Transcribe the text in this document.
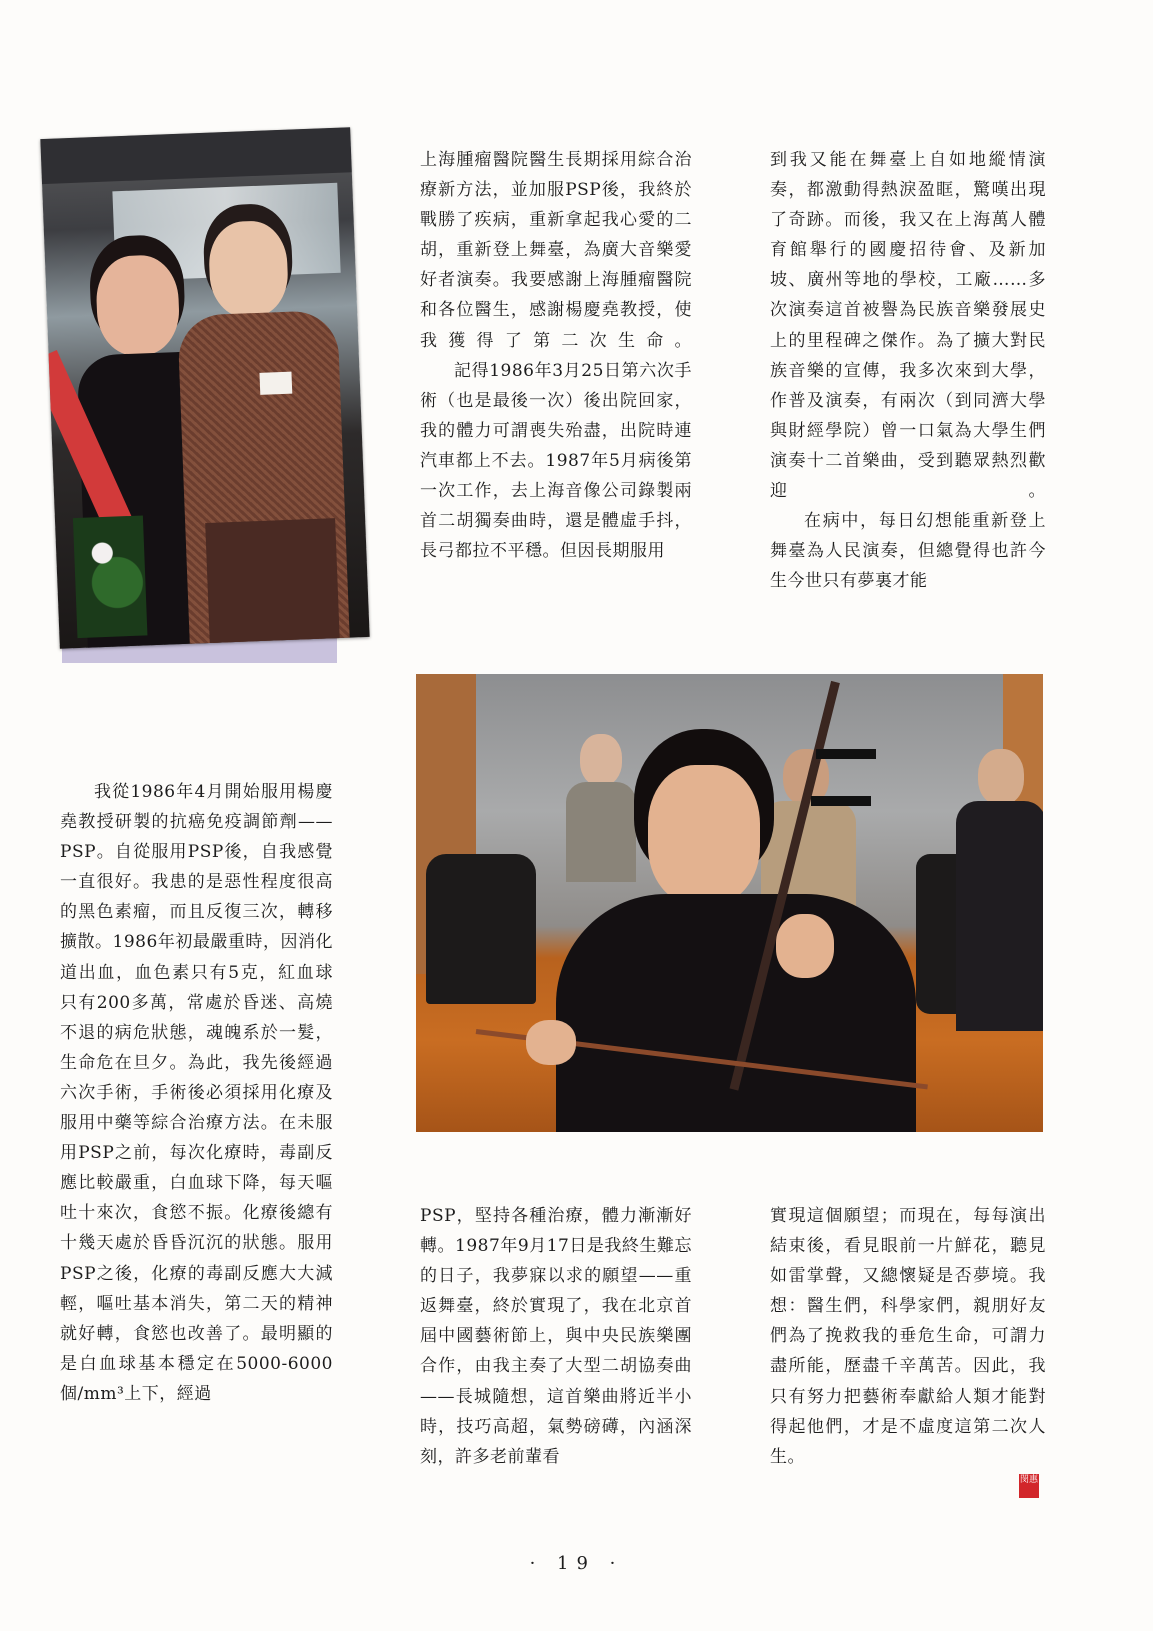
上海腫瘤醫院醫生長期採用綜合治療新方法，並加服PSP後，我終於戰勝了疾病，重新拿起我心愛的二胡，重新登上舞臺，為廣大音樂愛好者演奏。我要感謝上海腫瘤醫院和各位醫生，感謝楊慶堯教授，使我獲得了第二次生命。

記得1986年3月25日第六次手術（也是最後一次）後出院回家，我的體力可謂喪失殆盡，出院時連汽車都上不去。1987年5月病後第一次工作，去上海音像公司錄製兩首二胡獨奏曲時，還是體虛手抖，長弓都拉不平穩。但因長期服用

到我又能在舞臺上自如地縱情演奏，都激動得熱淚盈眶，驚嘆出現了奇跡。而後，我又在上海萬人體育館舉行的國慶招待會、及新加坡、廣州等地的學校，工廠……多次演奏這首被譽為民族音樂發展史上的里程碑之傑作。為了擴大對民族音樂的宣傳，我多次來到大學，作普及演奏，有兩次（到同濟大學與財經學院）曾一口氣為大學生們演奏十二首樂曲，受到聽眾熱烈歡迎。

在病中，每日幻想能重新登上舞臺為人民演奏，但總覺得也許今生今世只有夢裏才能

我從1986年4月開始服用楊慶堯教授研製的抗癌免疫調節劑——PSP。自從服用PSP後，自我感覺一直很好。我患的是惡性程度很高的黑色素瘤，而且反復三次，轉移擴散。1986年初最嚴重時，因消化道出血，血色素只有5克，紅血球只有200多萬，常處於昏迷、高燒不退的病危狀態，魂魄系於一髮，生命危在旦夕。為此，我先後經過六次手術，手術後必須採用化療及服用中藥等綜合治療方法。在未服用PSP之前，每次化療時，毒副反應比較嚴重，白血球下降，每天嘔吐十來次，食慾不振。化療後總有十幾天處於昏昏沉沉的狀態。服用PSP之後，化療的毒副反應大大減輕，嘔吐基本消失，第二天的精神就好轉，食慾也改善了。最明顯的是白血球基本穩定在5000-6000個/mm³上下，經過

PSP，堅持各種治療，體力漸漸好轉。1987年9月17日是我終生難忘的日子，我夢寐以求的願望——重返舞臺，終於實現了，我在北京首屆中國藝術節上，與中央民族樂團合作，由我主奏了大型二胡協奏曲——長城隨想，這首樂曲將近半小時，技巧高超，氣勢磅礡，內涵深刻，許多老前輩看

實現這個願望；而現在，每每演出結束後，看見眼前一片鮮花，聽見如雷掌聲，又總懷疑是否夢境。我想：醫生們，科學家們，親朋好友們為了挽救我的垂危生命，可謂力盡所能，歷盡千辛萬苦。因此，我只有努力把藝術奉獻給人類才能對得起他們，才是不虛度這第二次人生。

閔惠
· 19 ·
